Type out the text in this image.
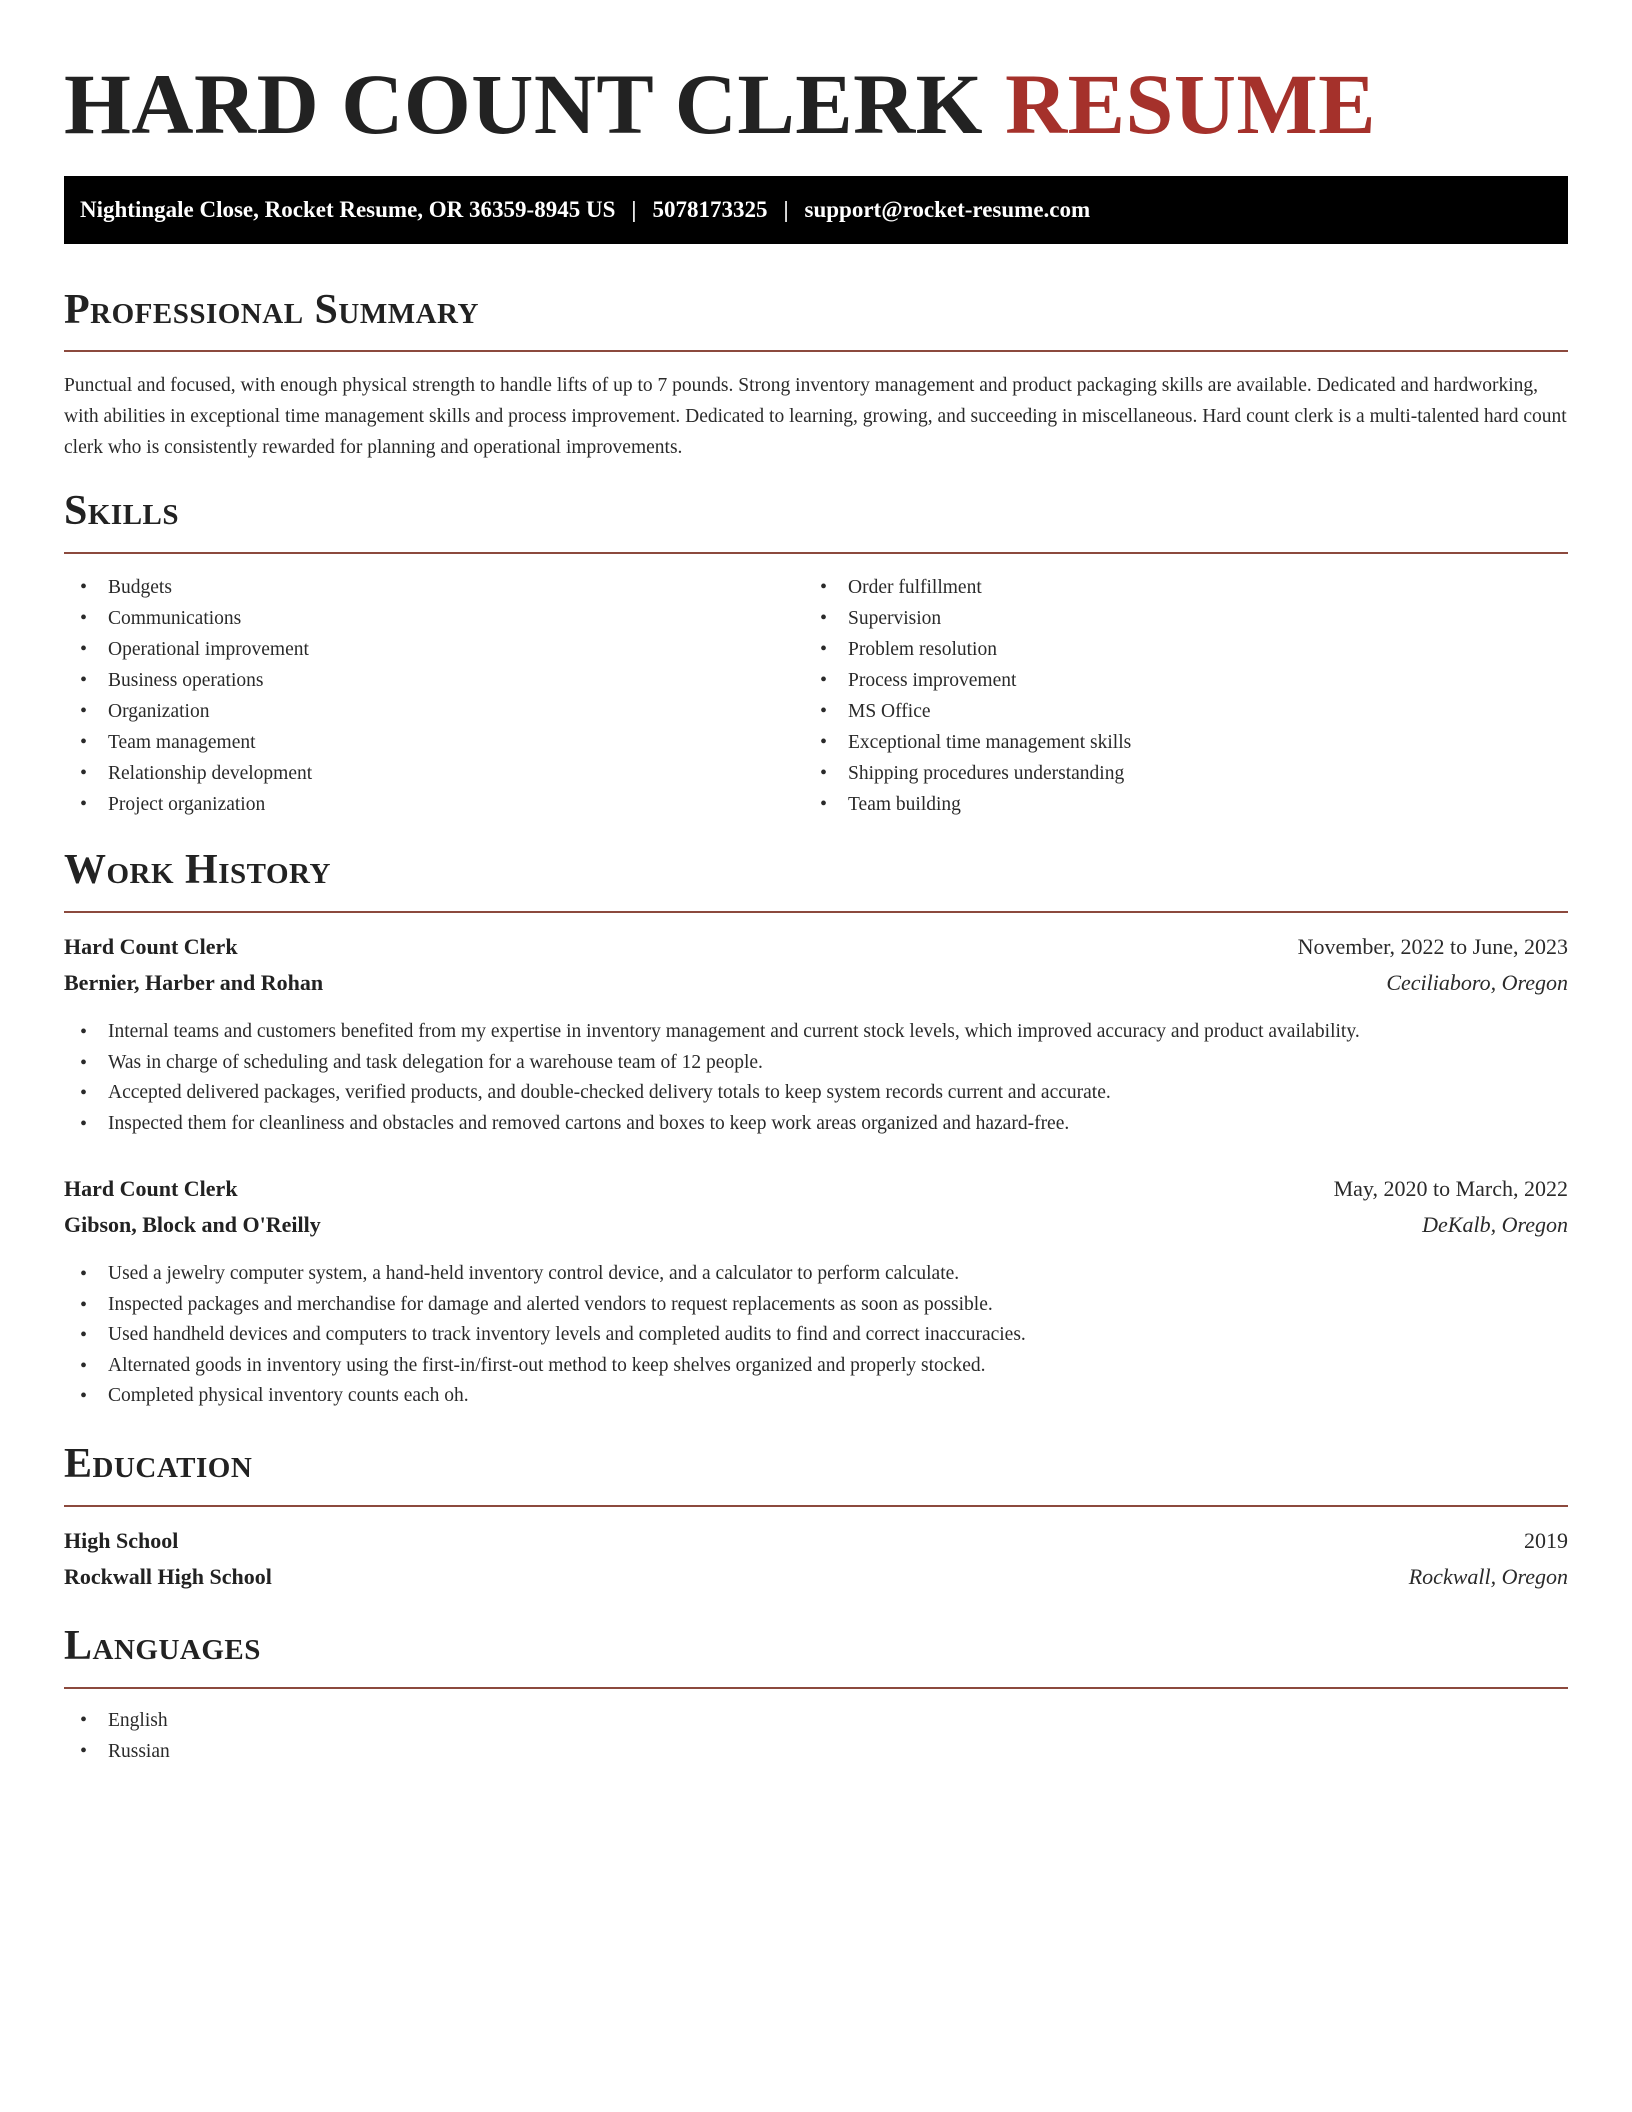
HARD COUNT CLERK RESUME
Nightingale Close, Rocket Resume, OR 36359-8945 US | 5078173325 | support@rocket-resume.com
Professional Summary
Punctual and focused, with enough physical strength to handle lifts of up to 7 pounds. Strong inventory management and product packaging skills are available. Dedicated and hardworking, with abilities in exceptional time management skills and process improvement. Dedicated to learning, growing, and succeeding in miscellaneous. Hard count clerk is a multi-talented hard count clerk who is consistently rewarded for planning and operational improvements.
Skills
• Budgets
• Communications
• Operational improvement
• Business operations
• Organization
• Team management
• Relationship development
• Project organization
• Order fulfillment
• Supervision
• Problem resolution
• Process improvement
• MS Office
• Exceptional time management skills
• Shipping procedures understanding
• Team building
Work History
Hard Count Clerk	November, 2022 to June, 2023
Bernier, Harber and Rohan	Ceciliaboro, Oregon
• Internal teams and customers benefited from my expertise in inventory management and current stock levels, which improved accuracy and product availability.
• Was in charge of scheduling and task delegation for a warehouse team of 12 people.
• Accepted delivered packages, verified products, and double-checked delivery totals to keep system records current and accurate.
• Inspected them for cleanliness and obstacles and removed cartons and boxes to keep work areas organized and hazard-free.
Hard Count Clerk	May, 2020 to March, 2022
Gibson, Block and O'Reilly	DeKalb, Oregon
• Used a jewelry computer system, a hand-held inventory control device, and a calculator to perform calculate.
• Inspected packages and merchandise for damage and alerted vendors to request replacements as soon as possible.
• Used handheld devices and computers to track inventory levels and completed audits to find and correct inaccuracies.
• Alternated goods in inventory using the first-in/first-out method to keep shelves organized and properly stocked.
• Completed physical inventory counts each oh.
Education
High School	2019
Rockwall High School	Rockwall, Oregon
Languages
• English
• Russian
